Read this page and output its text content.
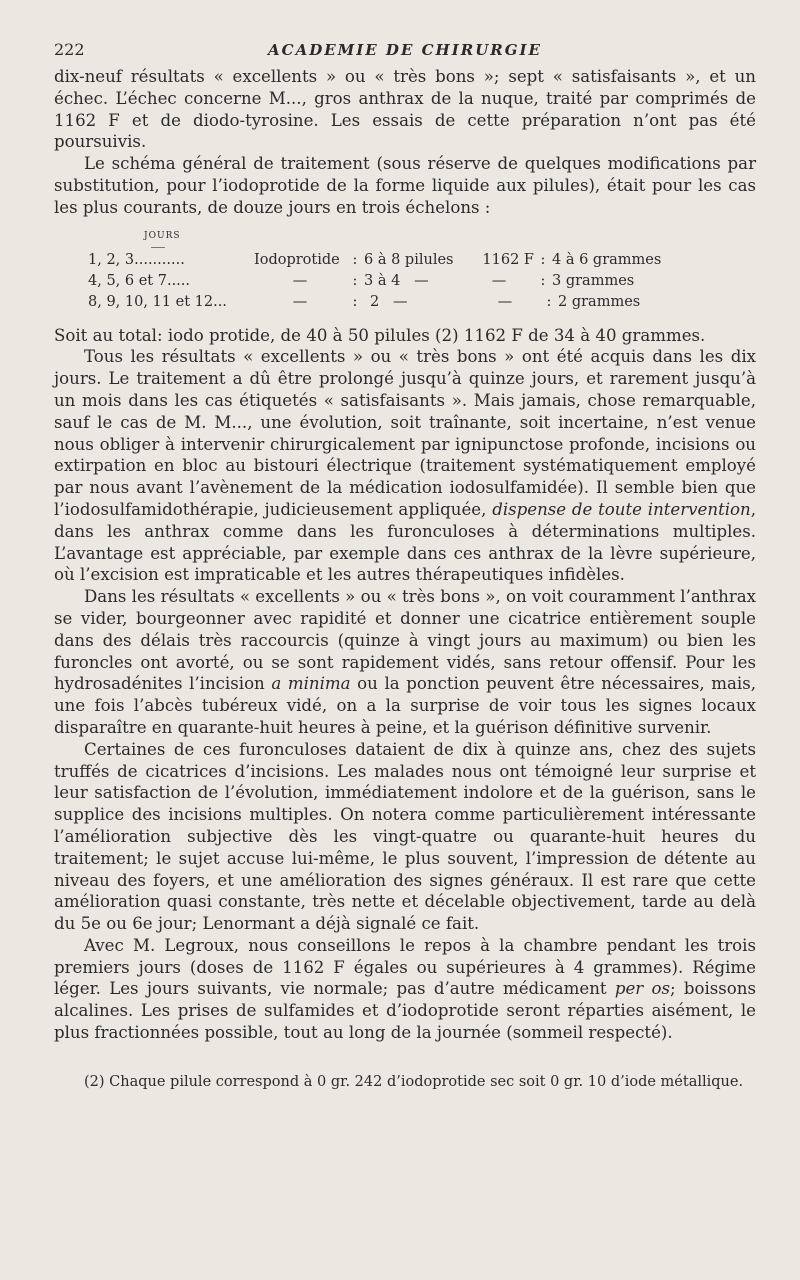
222	ACADEMIE DE CHIRURGIE

dix-neuf résultats « excellents » ou « très bons »; sept « satisfaisants », et un échec. L’échec concerne M..., gros anthrax de la nuque, traité par comprimés de 1162 F et de diodo-tyrosine. Les essais de cette préparation n’ont pas été poursuivis.

Le schéma général de traitement (sous réserve de quelques modifications par substitution, pour l’iodoprotide de la forme liquide aux pilules), était pour les cas les plus courants, de douze jours en trois échelons :

JOURS
1, 2, 3...........	Iodoprotide : 6 à 8 pilules	1162 F : 4 à 6 grammes
4, 5, 6 et 7.....	—	: 3 à 4   —	—	: 3 grammes
8, 9, 10, 11 et 12...	—	: 2   —	—	: 2 grammes

Soit au total: iodo protide, de 40 à 50 pilules (2) 1162 F de 34 à 40 grammes.

Tous les résultats « excellents » ou « très bons » ont été acquis dans les dix jours. Le traitement a dû être prolongé jusqu’à quinze jours, et rarement jusqu’à un mois dans les cas étiquetés « satisfaisants ». Mais jamais, chose remarquable, sauf le cas de M. M..., une évolution, soit traînante, soit incertaine, n’est venue nous obliger à intervenir chirurgicalement par ignipunctose profonde, incisions ou extirpation en bloc au bistouri électrique (traitement systématiquement employé par nous avant l’avènement de la médication iodosulfamidée). Il semble bien que l’iodosulfamidothérapie, judicieusement appliquée, dispense de toute intervention, dans les anthrax comme dans les furonculoses à déterminations multiples. L’avantage est appréciable, par exemple dans ces anthrax de la lèvre supérieure, où l’excision est impraticable et les autres thérapeutiques infidèles.

Dans les résultats « excellents » ou « très bons », on voit couramment l’anthrax se vider, bourgeonner avec rapidité et donner une cicatrice entièrement souple dans des délais très raccourcis (quinze à vingt jours au maximum) ou bien les furoncles ont avorté, ou se sont rapidement vidés, sans retour offensif. Pour les hydrosadénites l’incision a minima ou la ponction peuvent être nécessaires, mais, une fois l’abcès tubéreux vidé, on a la surprise de voir tous les signes locaux disparaître en quarante-huit heures à peine, et la guérison définitive survenir.

Certaines de ces furonculoses dataient de dix à quinze ans, chez des sujets truffés de cicatrices d’incisions. Les malades nous ont témoigné leur surprise et leur satisfaction de l’évolution, immédiatement indolore et de la guérison, sans le supplice des incisions multiples. On notera comme particulièrement intéressante l’amélioration subjective dès les vingt-quatre ou quarante-huit heures du traitement; le sujet accuse lui-même, le plus souvent, l’impression de détente au niveau des foyers, et une amélioration des signes généraux. Il est rare que cette amélioration quasi constante, très nette et décelable objectivement, tarde au delà du 5e ou 6e jour; Lenormant a déjà signalé ce fait.

Avec M. Legroux, nous conseillons le repos à la chambre pendant les trois premiers jours (doses de 1162 F égales ou supérieures à 4 grammes). Régime léger. Les jours suivants, vie normale; pas d’autre médicament per os; boissons alcalines. Les prises de sulfamides et d’iodoprotide seront réparties aisément, le plus fractionnées possible, tout au long de la journée (sommeil respecté).

(2) Chaque pilule correspond à 0 gr. 242 d’iodoprotide sec soit 0 gr. 10 d’iode métallique.
